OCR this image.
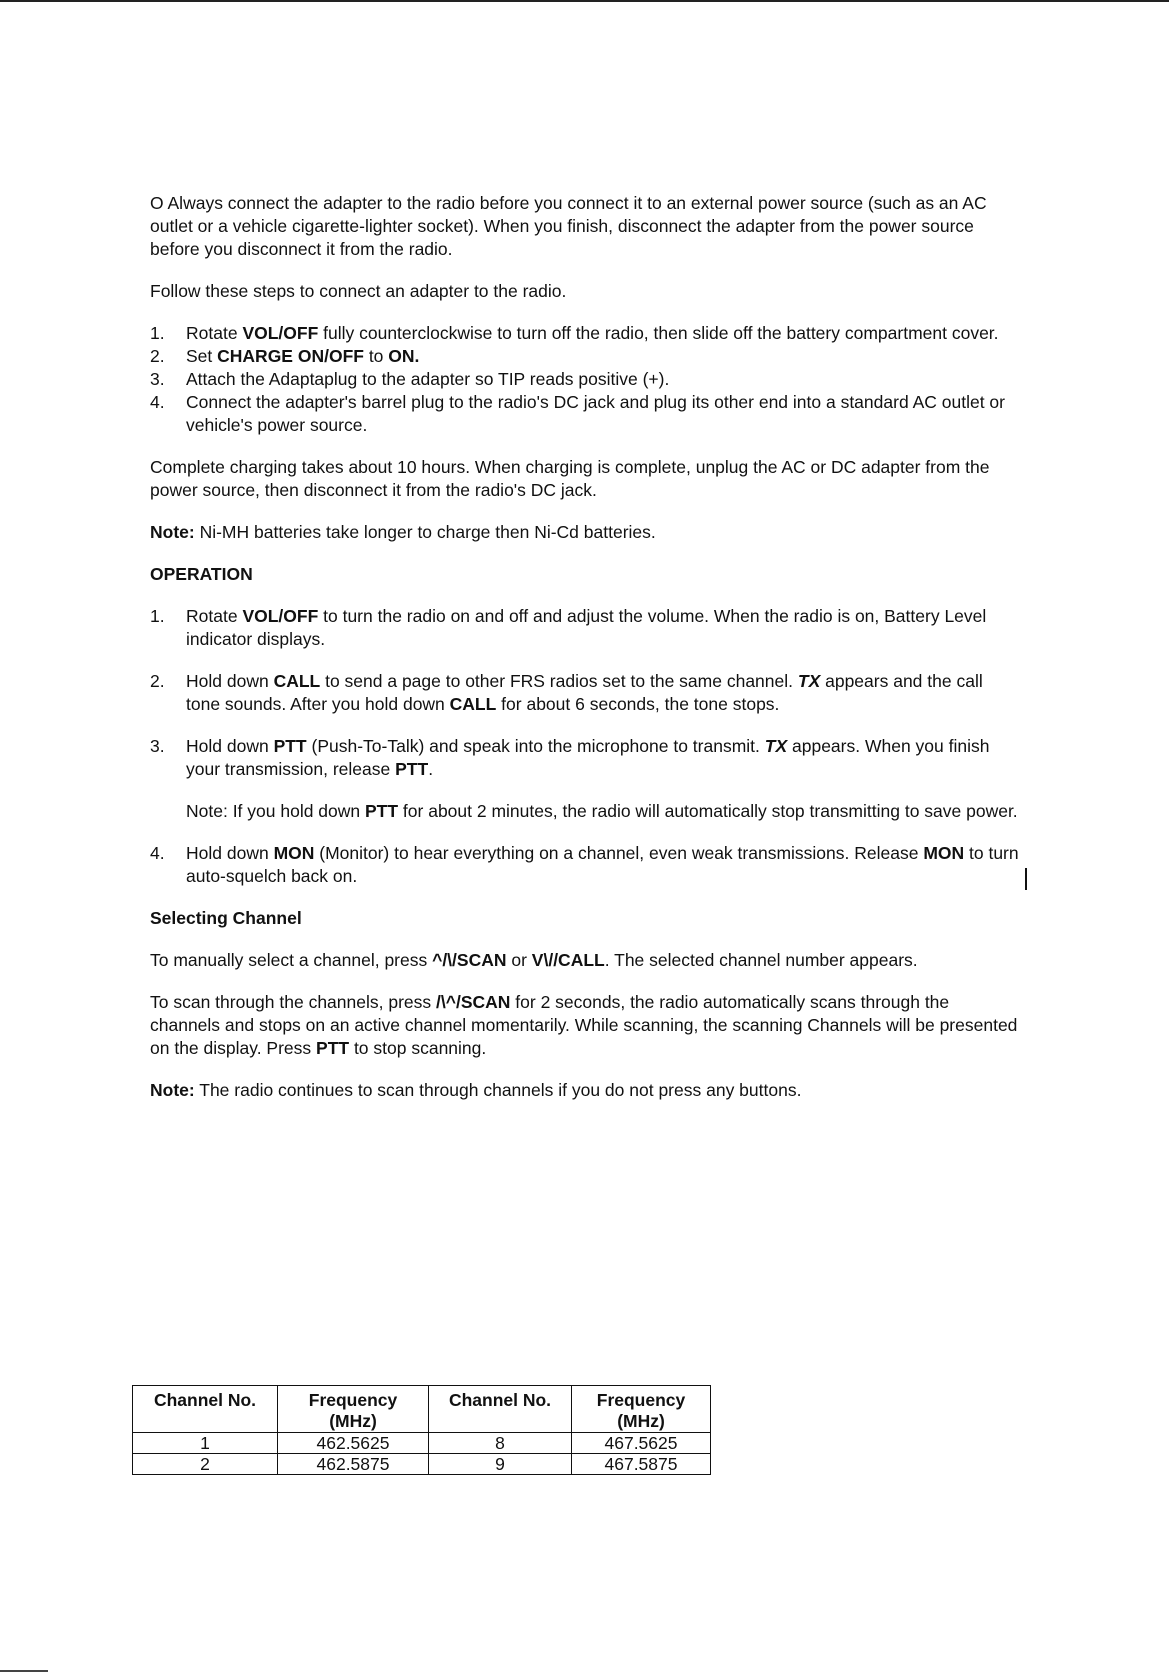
O Always connect the adapter to the radio before you connect it to an external power source (such as an AC outlet or a vehicle cigarette-lighter socket). When you finish, disconnect the adapter from the power source before you disconnect it from the radio.

Follow these steps to connect an adapter to the radio.

1. Rotate VOL/OFF fully counterclockwise to turn off the radio, then slide off the battery compartment cover.
2. Set CHARGE ON/OFF to ON.
3. Attach the Adaptaplug to the adapter so TIP reads positive (+).
4. Connect the adapter's barrel plug to the radio's DC jack and plug its other end into a standard AC outlet or vehicle's power source.

Complete charging takes about 10 hours. When charging is complete, unplug the AC or DC adapter from the power source, then disconnect it from the radio's DC jack.

Note: Ni-MH batteries take longer to charge then Ni-Cd batteries.

OPERATION

1. Rotate VOL/OFF to turn the radio on and off and adjust the volume. When the radio is on, Battery Level indicator displays.
2. Hold down CALL to send a page to other FRS radios set to the same channel. TX appears and the call tone sounds. After you hold down CALL for about 6 seconds, the tone stops.
3. Hold down PTT (Push-To-Talk) and speak into the microphone to transmit. TX appears. When you finish your transmission, release PTT.

Note: If you hold down PTT for about 2 minutes, the radio will automatically stop transmitting to save power.

4. Hold down MON (Monitor) to hear everything on a channel, even weak transmissions. Release MON to turn auto-squelch back on.

Selecting Channel

To manually select a channel, press ^/\/SCAN or V\//CALL. The selected channel number appears.

To scan through the channels, press /\^/SCAN for 2 seconds, the radio automatically scans through the channels and stops on an active channel momentarily. While scanning, the scanning Channels will be presented on the display. Press PTT to stop scanning.

Note: The radio continues to scan through channels if you do not press any buttons.

Channel No.	Frequency (MHz)	Channel No.	Frequency (MHz)
1	462.5625	8	467.5625
2	462.5875	9	467.5875
